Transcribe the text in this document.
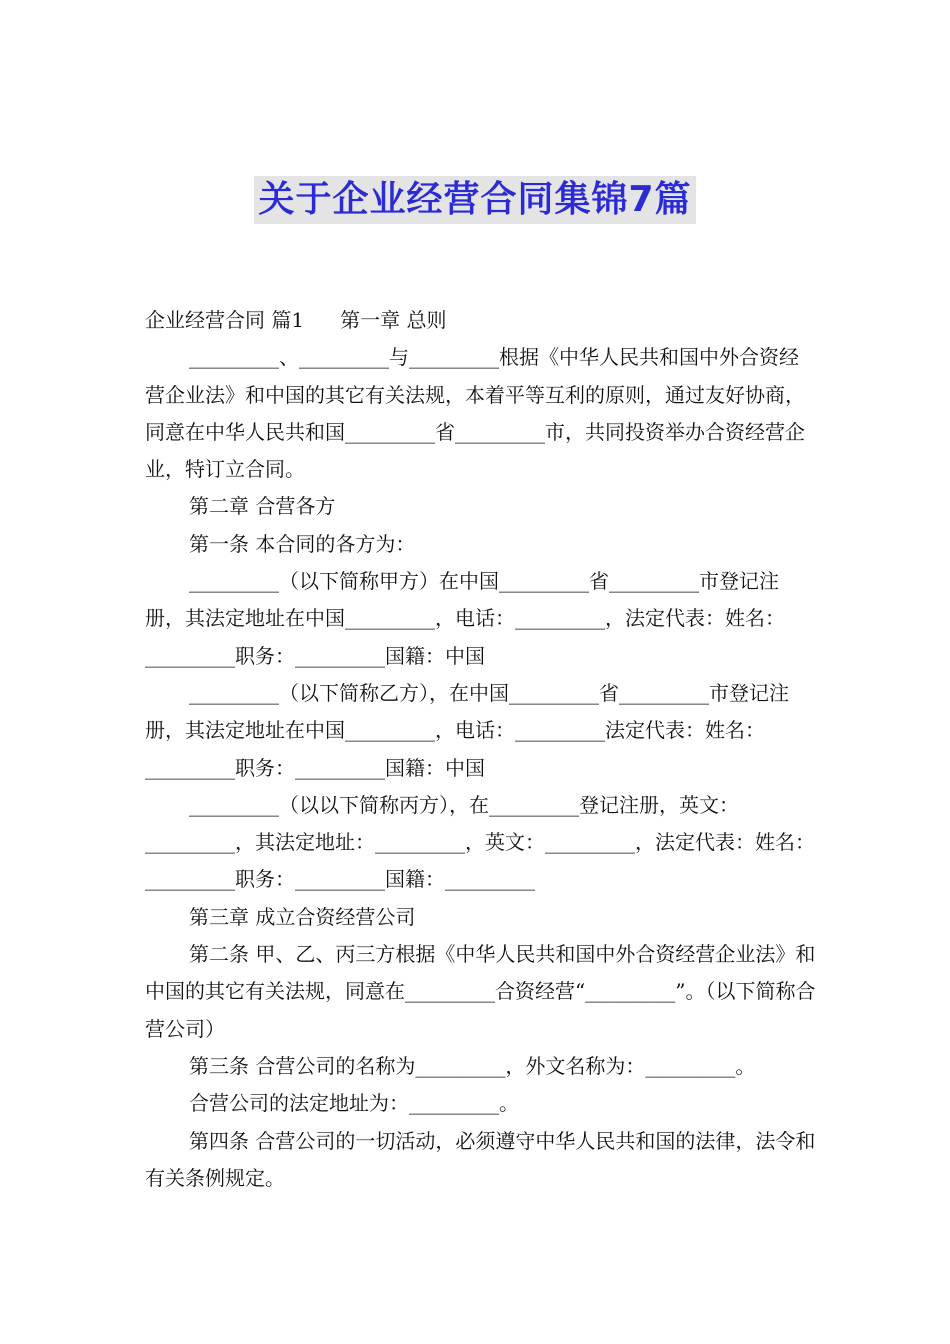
关于企业经营合同集锦7篇
企业经营合同 篇1 第一章 总则

_________、_________与_________根据《中华人民共和国中外合资经营企业法》和中国的其它有关法规，本着平等互利的原则，通过友好协商，同意在中华人民共和国_________省_________市，共同投资举办合资经营企业，特订立合同。

第二章 合营各方

第一条 本合同的各方为：

_________（以下简称甲方）在中国_________省_________市登记注册，其法定地址在中国_________，电话：_________，法定代表：姓名：_________职务：_________国籍：中国

_________（以下简称乙方），在中国_________省_________市登记注册，其法定地址在中国_________，电话：_________法定代表：姓名：_________职务：_________国籍：中国

_________（以以下简称丙方），在_________登记注册，英文：_________，其法定地址：_________，英文：_________，法定代表：姓名：_________职务：_________国籍：_________

第三章 成立合资经营公司

第二条 甲、乙、丙三方根据《中华人民共和国中外合资经营企业法》和中国的其它有关法规，同意在_________合资经营“_________”。（以下简称合营公司）

第三条 合营公司的名称为_________，外文名称为：_________。

合营公司的法定地址为：_________。

第四条 合营公司的一切活动，必须遵守中华人民共和国的法律，法令和有关条例规定。
